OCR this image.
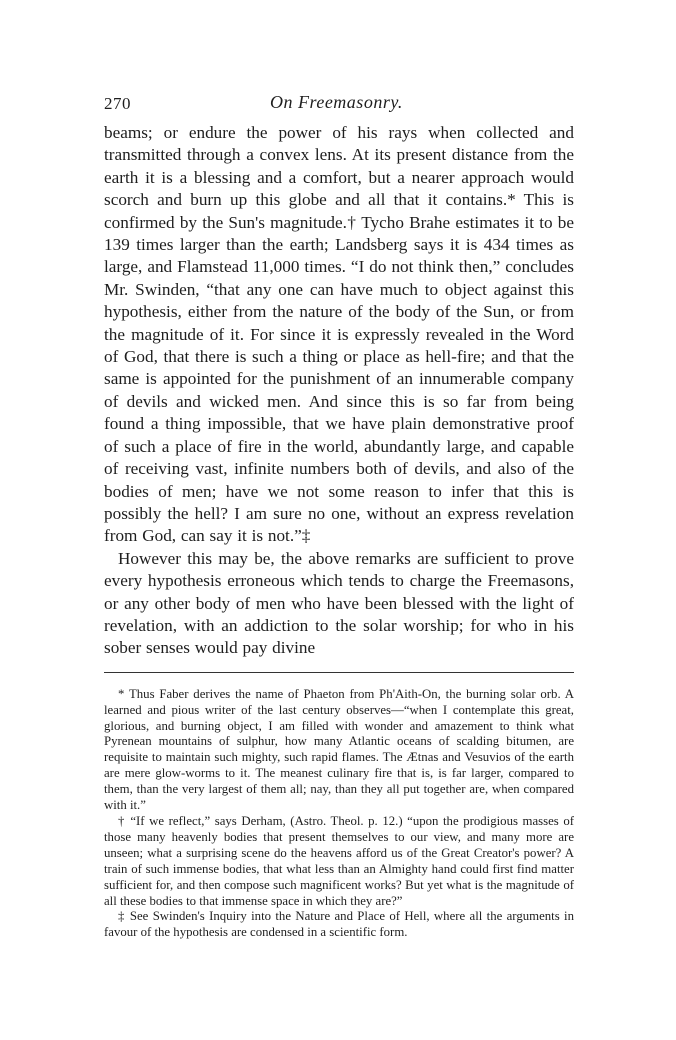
270	On Freemasonry.

beams; or endure the power of his rays when collected and transmitted through a convex lens. At its present distance from the earth it is a blessing and a comfort, but a nearer approach would scorch and burn up this globe and all that it contains.* This is confirmed by the Sun's magnitude.† Tycho Brahe estimates it to be 139 times larger than the earth; Landsberg says it is 434 times as large, and Flamstead 11,000 times. “I do not think then,” concludes Mr. Swinden, “that any one can have much to object against this hypothesis, either from the nature of the body of the Sun, or from the magnitude of it. For since it is expressly revealed in the Word of God, that there is such a thing or place as hell-fire; and that the same is appointed for the punishment of an innumerable company of devils and wicked men. And since this is so far from being found a thing impossible, that we have plain demonstrative proof of such a place of fire in the world, abundantly large, and capable of receiving vast, infinite numbers both of devils, and also of the bodies of men; have we not some reason to infer that this is possibly the hell? I am sure no one, without an express revelation from God, can say it is not.”‡

However this may be, the above remarks are sufficient to prove every hypothesis erroneous which tends to charge the Freemasons, or any other body of men who have been blessed with the light of revelation, with an addiction to the solar worship; for who in his sober senses would pay divine

* Thus Faber derives the name of Phaeton from Ph'Aith-On, the burning solar orb. A learned and pious writer of the last century observes—“when I contemplate this great, glorious, and burning object, I am filled with wonder and amazement to think what Pyrenean mountains of sulphur, how many Atlantic oceans of scalding bitumen, are requisite to maintain such mighty, such rapid flames. The Ætnas and Vesuvios of the earth are mere glow-worms to it. The meanest culinary fire that is, is far larger, compared to them, than the very largest of them all; nay, than they all put together are, when compared with it.”

† “If we reflect,” says Derham, (Astro. Theol. p. 12.) “upon the prodigious masses of those many heavenly bodies that present themselves to our view, and many more are unseen; what a surprising scene do the heavens afford us of the Great Creator's power? A train of such immense bodies, that what less than an Almighty hand could first find matter sufficient for, and then compose such magnificent works? But yet what is the magnitude of all these bodies to that immense space in which they are?”

‡ See Swinden's Inquiry into the Nature and Place of Hell, where all the arguments in favour of the hypothesis are condensed in a scientific form.
